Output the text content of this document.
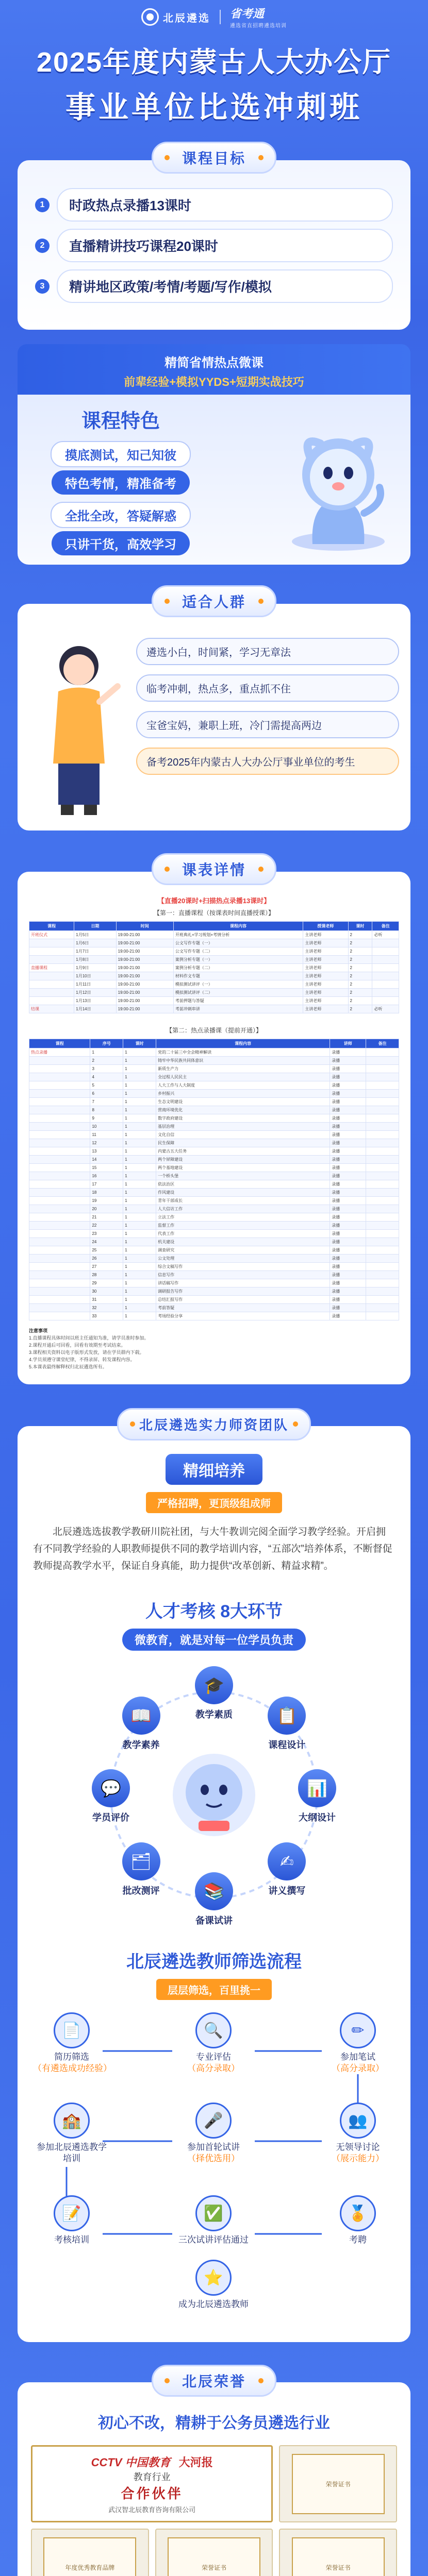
北辰遴选 省考通
遴选省直招聘遴选培训
2025年度内蒙古人大办公厅
事业单位比选冲刺班
课程目标
1	时政热点录播13课时
2	直播精讲技巧课程20课时
3	精讲地区政策/考情/考题/写作/模拟
精简省情热点微课
前辈经验+模拟YYDS+短期实战技巧
课程特色
摸底测试，知己知彼
特色考情，精准备考
全批全改，答疑解惑
只讲干货，高效学习
适合人群
遴选小白，时间紧，学习无章法
临考冲刺，热点多，重点抓不住
宝爸宝妈，兼职上班，冷门需提高两边
备考2025年内蒙古人大办公厅事业单位的考生
课表详情
【直播20课时+扫描热点录播13课时】
【第一：直播课程（按课表时间直播授课）】
课程	日期	时间	课程内容	授课老师	课时	备注
开班仪式	1月5日	19:00-21:00	开班典礼+学习规划+考情分析	主讲老师	2	必听
	1月6日	19:00-21:00	公文写作专题（一）	主讲老师	2	
	1月7日	19:00-21:00	公文写作专题（二）	主讲老师	2	
	1月8日	19:00-21:00	案例分析专题（一）	主讲老师	2	
直播课程	1月9日	19:00-21:00	案例分析专题（二）	主讲老师	2	
	1月10日	19:00-21:00	材料作文专题	主讲老师	2	
	1月11日	19:00-21:00	模拟测试讲评（一）	主讲老师	2	
	1月12日	19:00-21:00	模拟测试讲评（二）	主讲老师	2	
	1月13日	19:00-21:00	考前押题与答疑	主讲老师	2	
结课	1月14日	19:00-21:00	考前冲刺串讲	主讲老师	2	必听
【第二：热点录播课（提前开通）】
课程	序号	课时	课程内容	讲师	备注
热点录播	1	1	党的二十届三中全会精神解读	录播	
	2	1	铸牢中华民族共同体意识	录播	
	3	1	新质生产力	录播	
	4	1	全过程人民民主	录播	
	5	1	人大工作与人大制度	录播	
	6	1	乡村振兴	录播	
	7	1	生态文明建设	录播	
	8	1	营商环境优化	录播	
	9	1	数字政府建设	录播	
	10	1	基层治理	录播	
	11	1	文化自信	录播	
	12	1	民生保障	录播	
	13	1	内蒙古五大任务	录播	
	14	1	两个屏障建设	录播	
	15	1	两个基地建设	录播	
	16	1	一个桥头堡	录播	
	17	1	依法治区	录播	
	18	1	作风建设	录播	
	19	1	青年干部成长	录播	
	20	1	人大信访工作	录播	
	21	1	立法工作	录播	
	22	1	监督工作	录播	
	23	1	代表工作	录播	
	24	1	机关建设	录播	
	25	1	调查研究	录播	
	26	1	公文处理	录播	
	27	1	综合文稿写作	录播	
	28	1	信息写作	录播	
	29	1	讲话稿写作	录播	
	30	1	调研报告写作	录播	
	31	1	总结汇报写作	录播	
	32	1	考前答疑	录播	
	33	1	考场经验分享	录播	
注意事项
1.直播课程具体时间以班主任通知为准，请学员准时参加。
2.课程开通后可回看，回看有效期至考试结束。
3.课程相关资料以电子版形式发放，请在学员群内下载。
4.学员须遵守课堂纪律，不得录屏、转发课程内容。
5.本课表最终解释权归北辰遴选所有。
北辰遴选实力师资团队
精细培养
严格招聘，更顶级组成师
北辰遴选选拔教学教研川院社团，与大牛教训完阅全面学习教学经验。开启拥有不同教学经验的人职教师提供不同的教学培训内容，“五部次”培养体系，不断督促教师提高教学水平，保证自身真能，助力提供“改革创新、精益求精”。
人才考核 8大环节
微教育，就是对每一位学员负责
🎓
教学素质	📋
课程设计
📊
大纲设计
✍
讲义撰写
📚
备课试讲
🗂
批改测评
💬
学员评价
📖
教学素养
北辰遴选教师筛选流程
层层筛选，百里挑一
📄
简历筛选
（有遴选成功经验）
🔍
专业评估
（高分录取）
✏
参加笔试
（高分录取）
👥
无领导讨论
（展示能力）
🎤
参加首轮试讲
（择优选用）
🏫
参加北辰遴选教学培训
📝
考核培训
✅
三次试讲评估通过
🏅
考聘
⭐
成为北辰遴选教师
北辰荣誉
初心不改，精耕于公务员遴选行业
CCTV 中国教育 大河报
教育行业
合作伙伴
武汉智北辰教育咨询有限公司
荣誉证书
年度优秀教育品牌	荣誉证书	荣誉证书
